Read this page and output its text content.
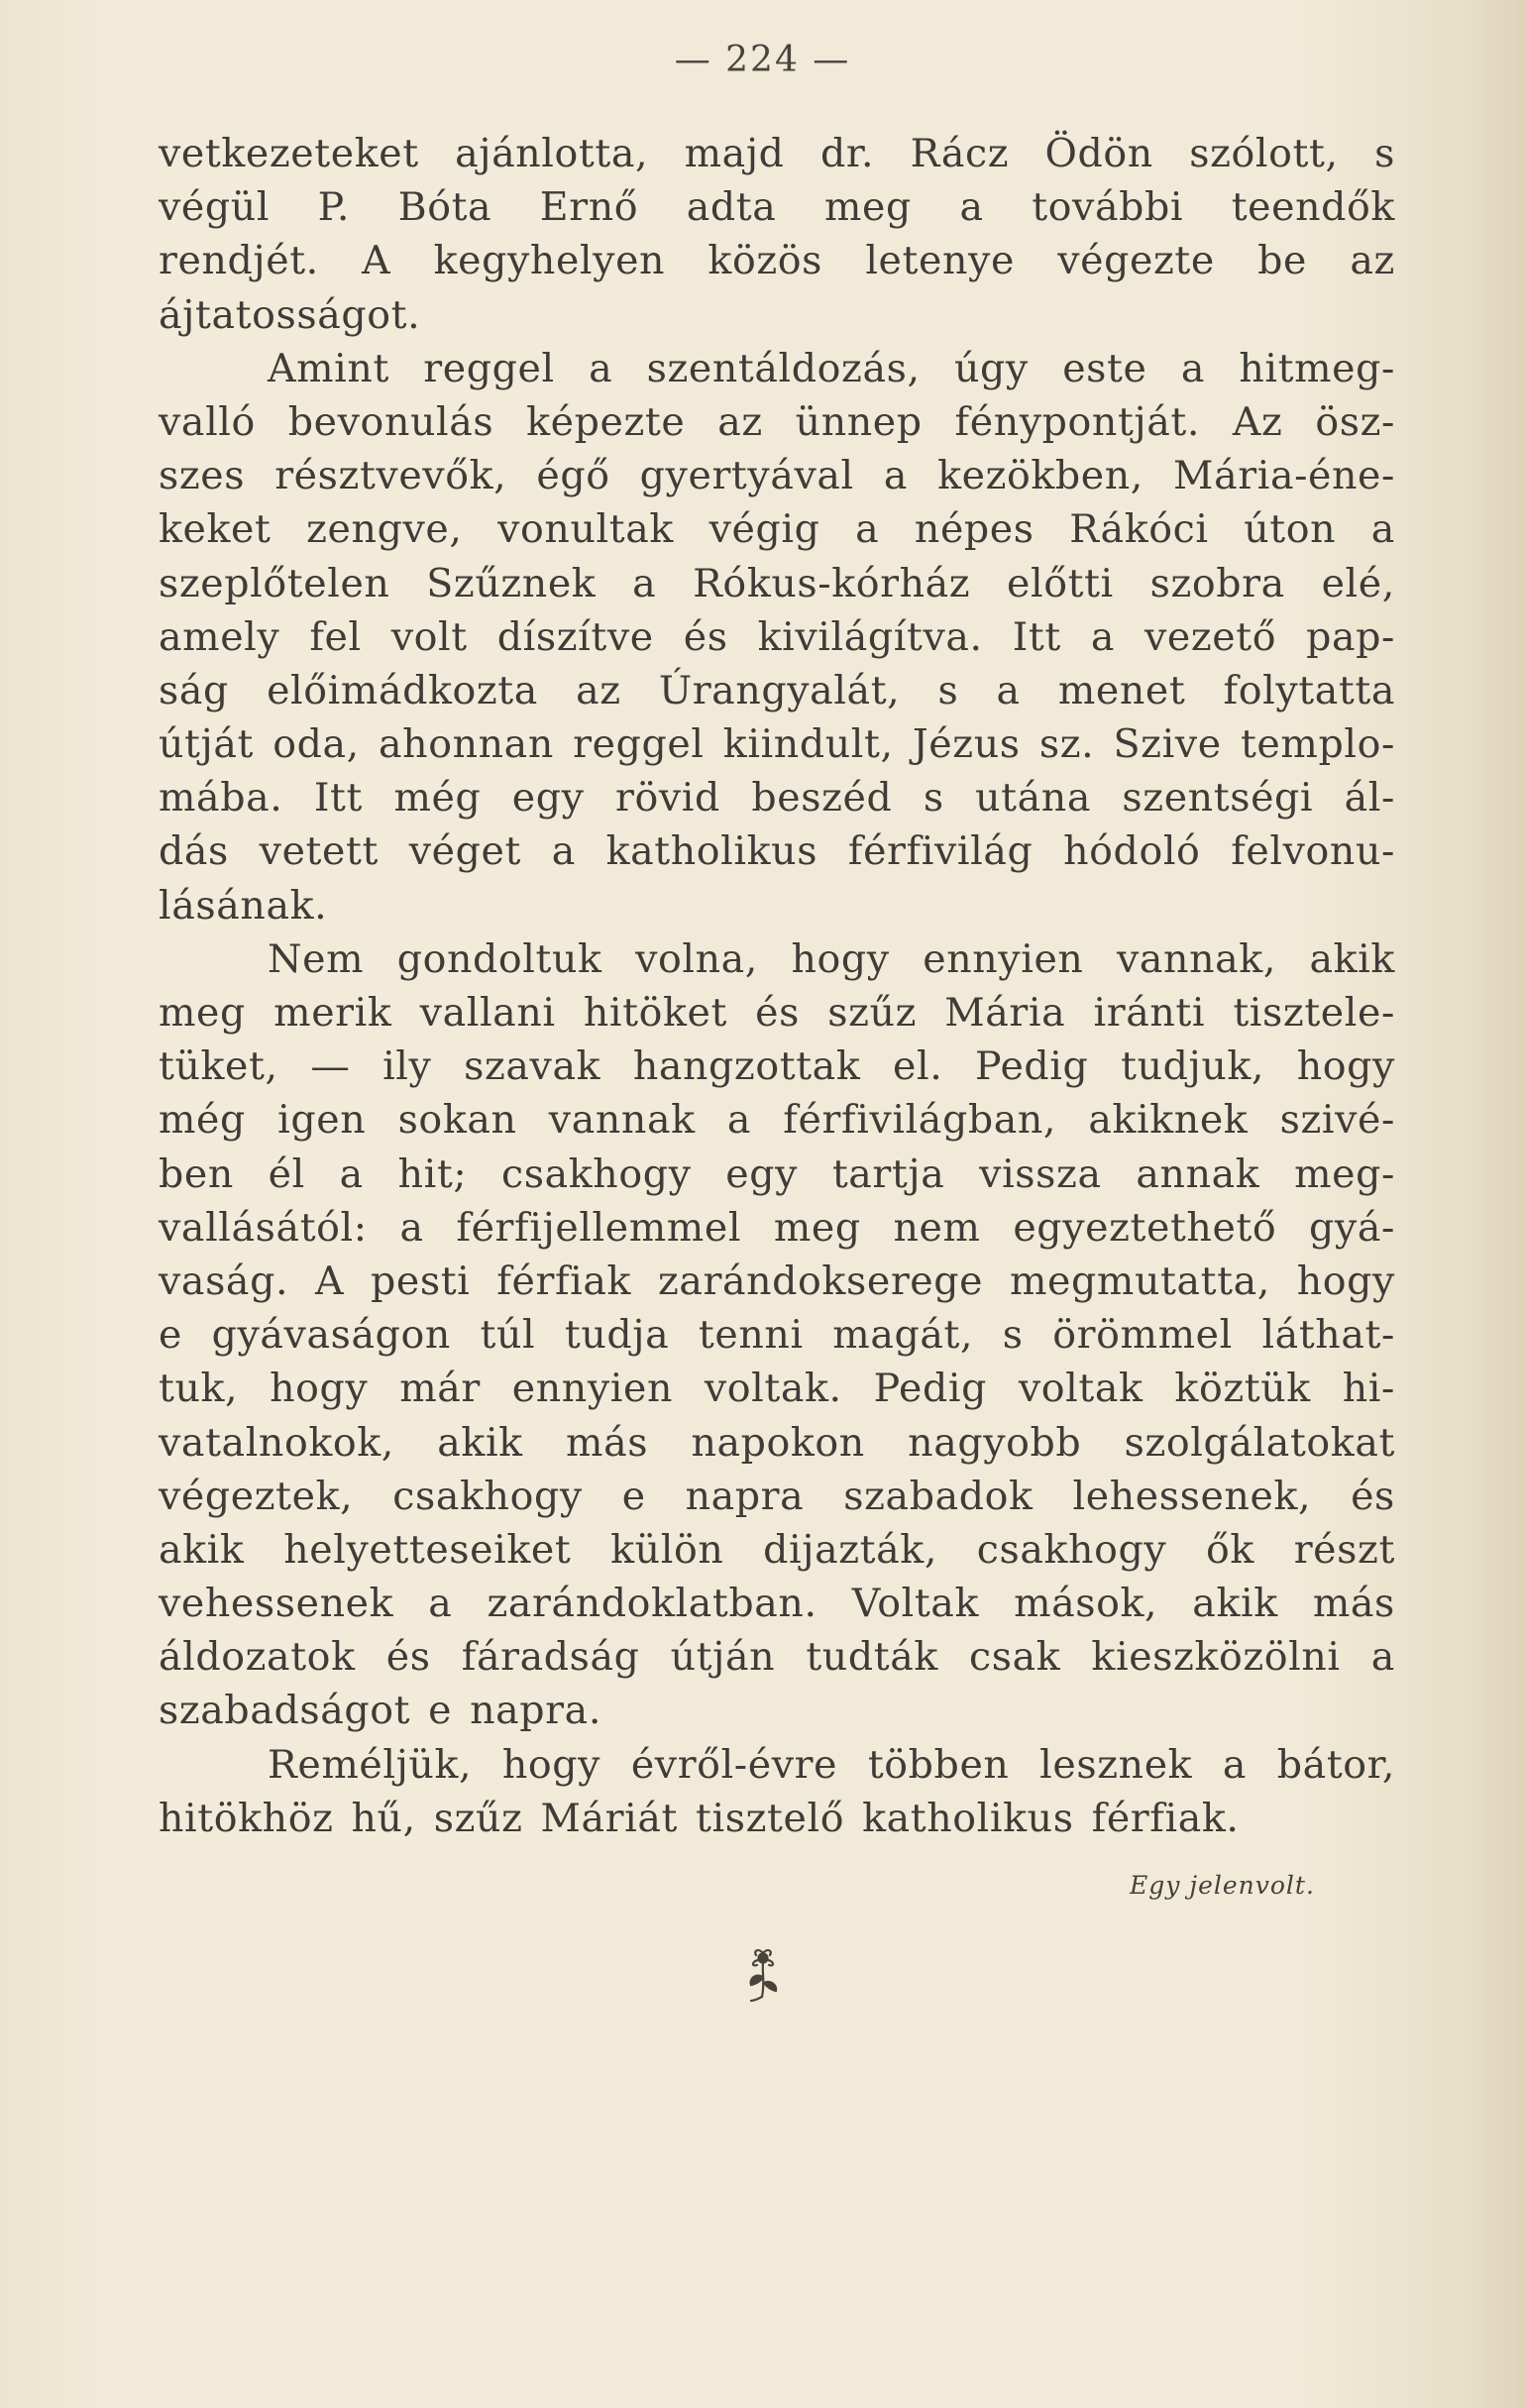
— 224 —
vetkezeteket ajánlotta, majd dr. Rácz Ödön szólott, s
végül P. Bóta Ernő adta meg a további teendők
rendjét. A kegyhelyen közös letenye végezte be az
ájtatosságot.
Amint reggel a szentáldozás, úgy este a hitmeg-
valló bevonulás képezte az ünnep fénypontját. Az ösz-
szes résztvevők, égő gyertyával a kezökben, Mária-éne-
keket zengve, vonultak végig a népes Rákóci úton a
szeplőtelen Szűznek a Rókus-kórház előtti szobra elé,
amely fel volt díszítve és kivilágítva. Itt a vezető pap-
ság előimádkozta az Úrangyalát, s a menet folytatta
útját oda, ahonnan reggel kiindult, Jézus sz. Szive templo-
mába. Itt még egy rövid beszéd s utána szentségi ál-
dás vetett véget a katholikus férfivilág hódoló felvonu-
lásának.
Nem gondoltuk volna, hogy ennyien vannak, akik
meg merik vallani hitöket és szűz Mária iránti tisztele-
tüket, — ily szavak hangzottak el. Pedig tudjuk, hogy
még igen sokan vannak a férfivilágban, akiknek szivé-
ben él a hit; csakhogy egy tartja vissza annak meg-
vallásától: a férfijellemmel meg nem egyeztethető gyá-
vaság. A pesti férfiak zarándokserege megmutatta, hogy
e gyávaságon túl tudja tenni magát, s örömmel láthat-
tuk, hogy már ennyien voltak. Pedig voltak köztük hi-
vatalnokok, akik más napokon nagyobb szolgálatokat
végeztek, csakhogy e napra szabadok lehessenek, és
akik helyetteseiket külön dijazták, csakhogy ők részt
vehessenek a zarándoklatban. Voltak mások, akik más
áldozatok és fáradság útján tudták csak kieszközölni a
szabadságot e napra.
Reméljük, hogy évről-évre többen lesznek a bátor,
hitökhöz hű, szűz Máriát tisztelő katholikus férfiak.
Egy jelenvolt.
